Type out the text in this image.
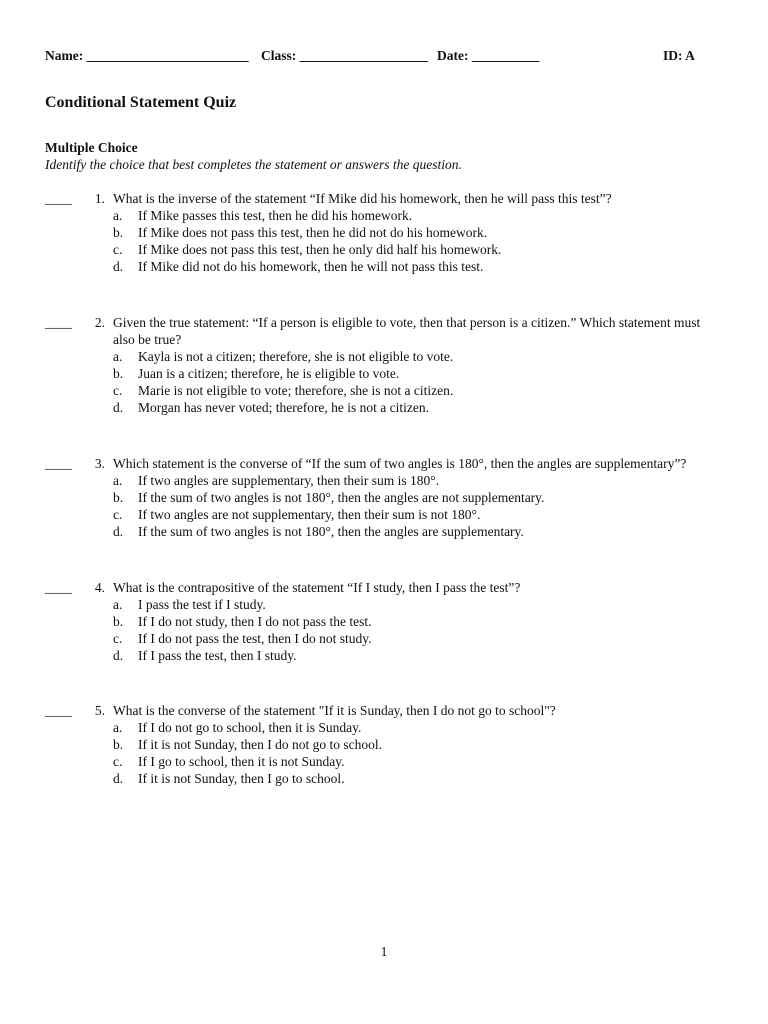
Name: ________________________ Class: ___________________ Date: __________	ID: A
Conditional Statement Quiz
Multiple Choice
Identify the choice that best completes the statement or answers the question.
____ 1. What is the inverse of the statement “If Mike did his homework, then he will pass this test”?
a. If Mike passes this test, then he did his homework.
b. If Mike does not pass this test, then he did not do his homework.
c. If Mike does not pass this test, then he only did half his homework.
d. If Mike did not do his homework, then he will not pass this test.
____ 2. Given the true statement: “If a person is eligible to vote, then that person is a citizen.” Which statement must also be true?
a. Kayla is not a citizen; therefore, she is not eligible to vote.
b. Juan is a citizen; therefore, he is eligible to vote.
c. Marie is not eligible to vote; therefore, she is not a citizen.
d. Morgan has never voted; therefore, he is not a citizen.
____ 3. Which statement is the converse of “If the sum of two angles is 180°, then the angles are supplementary”?
a. If two angles are supplementary, then their sum is 180°.
b. If the sum of two angles is not 180°, then the angles are not supplementary.
c. If two angles are not supplementary, then their sum is not 180°.
d. If the sum of two angles is not 180°, then the angles are supplementary.
____ 4. What is the contrapositive of the statement “If I study, then I pass the test”?
a. I pass the test if I study.
b. If I do not study, then I do not pass the test.
c. If I do not pass the test, then I do not study.
d. If I pass the test, then I study.
____ 5. What is the converse of the statement "If it is Sunday, then I do not go to school"?
a. If I do not go to school, then it is Sunday.
b. If it is not Sunday, then I do not go to school.
c. If I go to school, then it is not Sunday.
d. If it is not Sunday, then I go to school.
1
